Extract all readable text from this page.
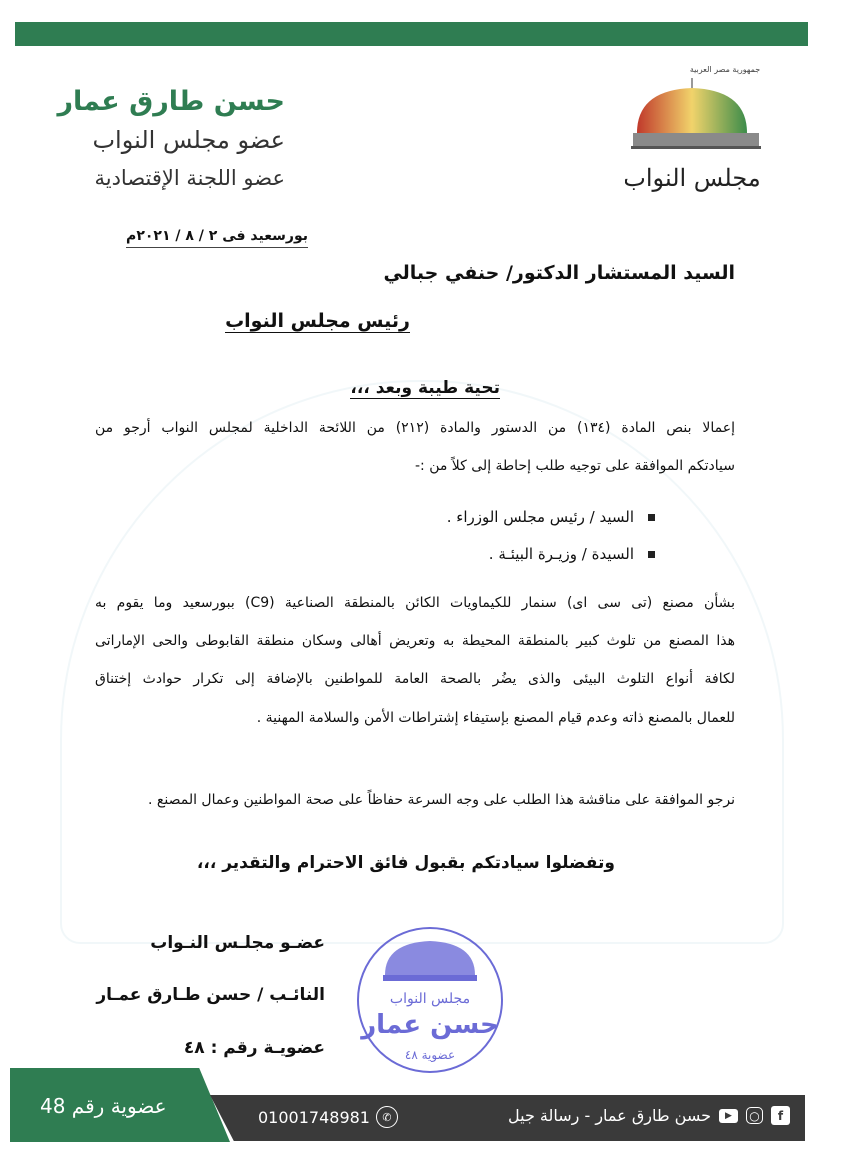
حسن طارق عمار
عضو مجلس النواب
عضو اللجنة الإقتصادية
جمهورية مصر العربية
مجلس النواب
بورسعيد فى ٢ / ٨ / ٢٠٢١م
السيد المستشار الدكتور/ حنفي جبالي
رئيس مجلس النواب
تحية طيبة وبعد ،،،
إعمالا بنص المادة (١٣٤) من الدستور والمادة (٢١٢) من اللائحة الداخلية لمجلس النواب أرجو من
سيادتكم الموافقة على توجيه طلب إحاطة إلى كلاً من :-
السيد / رئيس مجلس الوزراء .
السيدة / وزيـرة البيئـة .
بشأن مصنع (تى سى اى) سنمار للكيماويات الكائن بالمنطقة الصناعية (C9) ببورسعيد وما يقوم به
هذا المصنع من تلوث كبير بالمنطقة المحيطة به وتعريض أهالى وسكان منطقة القابوطى والحى الإماراتى
لكافة أنواع التلوث البيئى والذى يضُر بالصحة العامة للمواطنين بالإضافة إلى تكرار حوادث إختناق
للعمال بالمصنع ذاته وعدم قيام المصنع بإستيفاء إشتراطات الأمن والسلامة المهنية .
نرجو الموافقة على مناقشة هذا الطلب على وجه السرعة حفاظاً على صحة المواطنين وعمال المصنع .
وتفضلوا سيادتكم بقبول فائق الاحترام والتقدير ،،،
عضـو مجلـس النـواب
النائـب / حسن طـارق عمـار
عضويـة رقم : ٤٨
مجلس النواب
حسن عمار
عضوية ٤٨
عضوية رقم 48	01001748981	✆	f
○
▶
حسن طارق عمار - رسالة جيل
